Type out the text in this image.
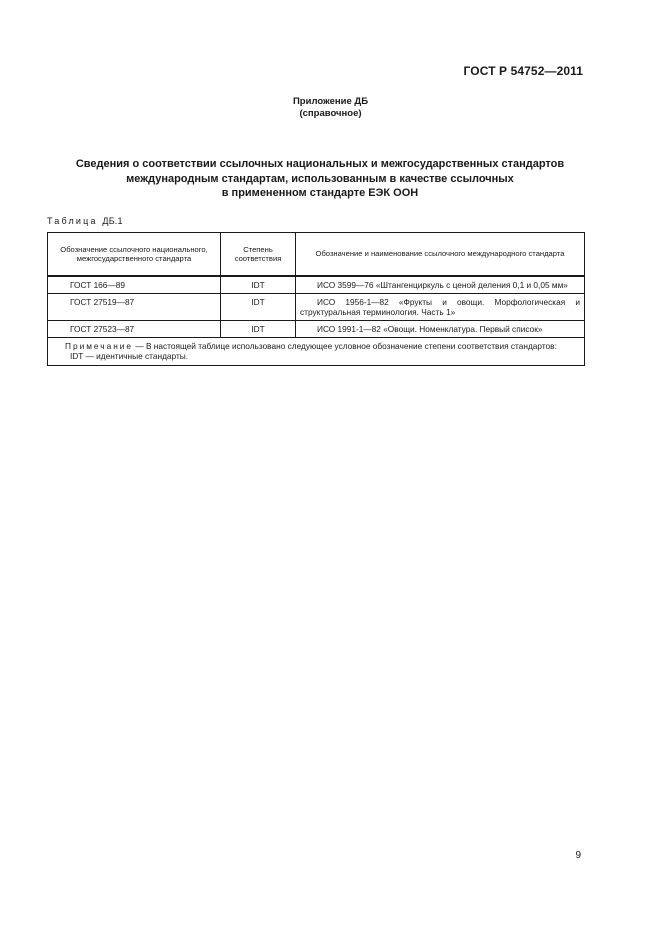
ГОСТ Р 54752—2011
Приложение ДБ
(справочное)
Сведения о соответствии ссылочных национальных и межгосударственных стандартов
международным стандартам, использованным в качестве ссылочных
в примененном стандарте ЕЭК ООН
Таблица ДБ.1
Обозначение ссылочного национального, межгосударственного стандарта	Степень соответствия	Обозначение и наименование ссылочного международного стандарта
ГОСТ 166—89	IDT	ИСО 3599—76 «Штангенциркуль с ценой деления 0,1 и 0,05 мм»
ГОСТ 27519—87	IDT	ИСО 1956-1—82 «Фрукты и овощи. Морфологическая и структуральная терминология. Часть 1»
ГОСТ 27523—87	IDT	ИСО 1991-1—82 «Овощи. Номенклатура. Первый список»

Примечание — В настоящей таблице использовано следующее условное обозначение степени соответствия стандартов:
IDT — идентичные стандарты.		
9
